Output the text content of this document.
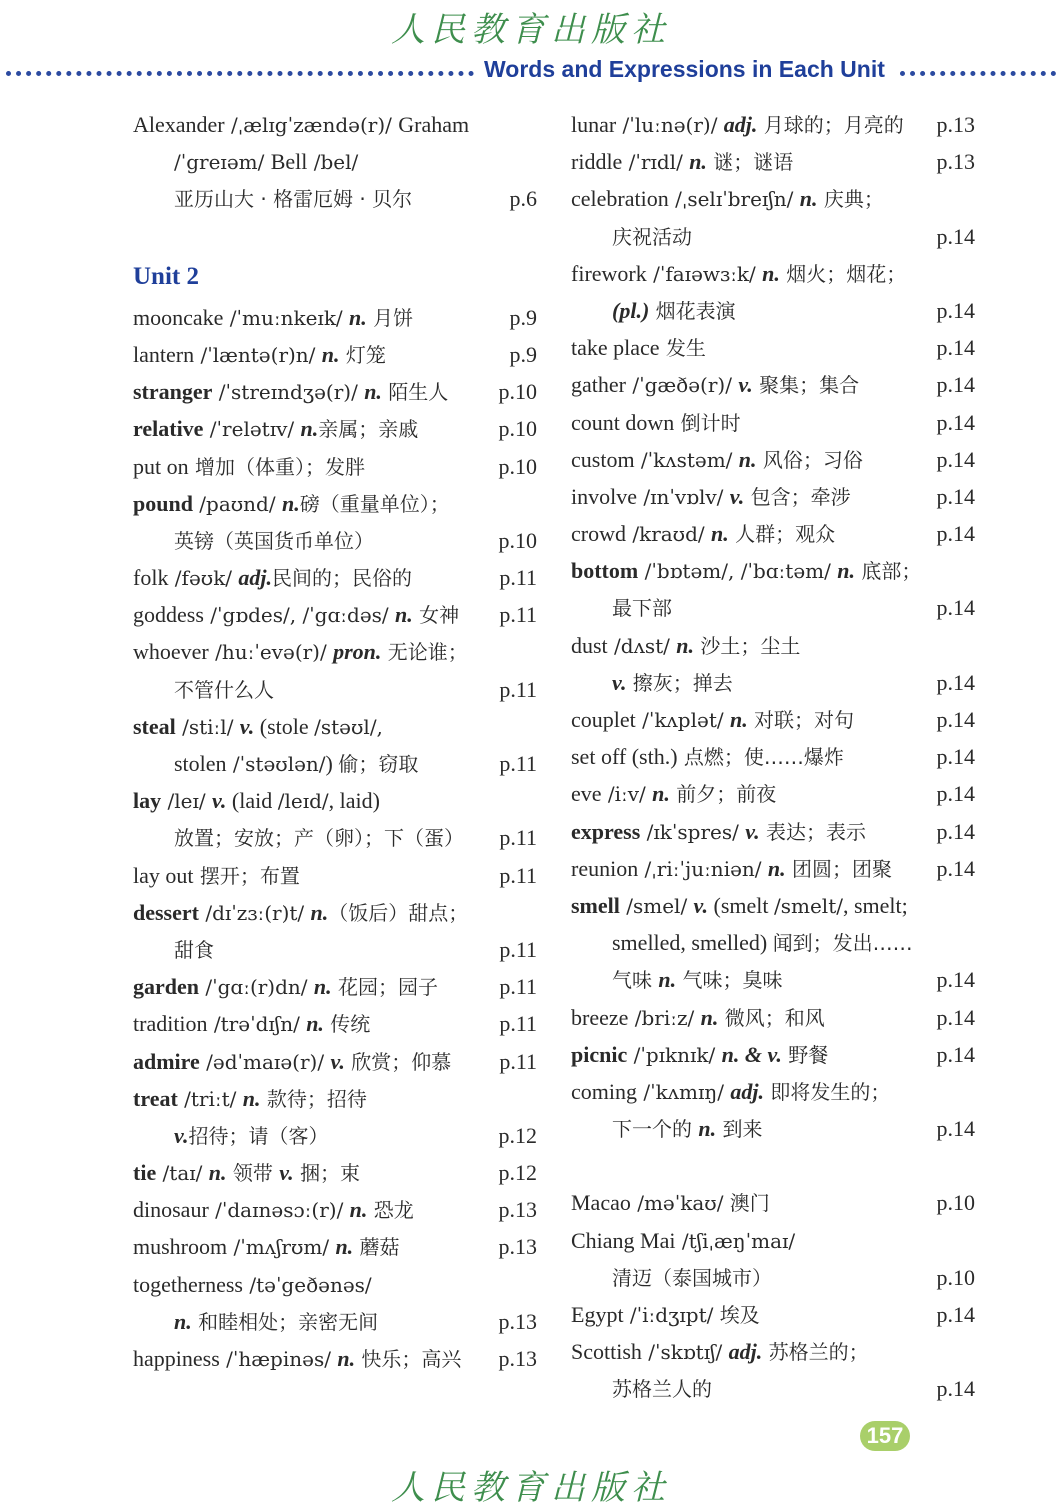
人民教育出版社
Words and Expressions in Each Unit
Alexander /ˌælɪgˈzændə(r)/ Graham
/ˈgreɪəm/ Bell /bel/
亚历山大 · 格雷厄姆 · 贝尔	p.6
Unit 2
mooncake /ˈmuːnkeɪk/ n. 月饼	p.9
lantern /ˈlæntə(r)n/ n. 灯笼	p.9
stranger /ˈstreɪndʒə(r)/ n. 陌生人 p.10
relative /ˈrelətɪv/ n.亲属；亲戚	p.10
put on 增加（体重）；发胖	p.10
pound /paʊnd/ n.磅（重量单位）；
英镑（英国货币单位）	p.10
folk /fəʊk/ adj.民间的；民俗的	p.11
goddess /ˈgɒdes/, /ˈgɑːdəs/ n. 女神 p.11
whoever /huːˈevə(r)/ pron. 无论谁；
不管什么人	p.11
steal /stiːl/ v. (stole /stəʊl/,
stolen /ˈstəʊlən/) 偷；窃取	p.11
lay /leɪ/ v. (laid /leɪd/, laid)
放置；安放；产（卵）；下（蛋） p.11
lay out 摆开；布置	p.11
dessert /dɪˈzɜː(r)t/ n.（饭后）甜点；
甜食	p.11
garden /ˈgɑː(r)dn/ n. 花园；园子	p.11
tradition /trəˈdɪʃn/ n. 传统	p.11
admire /ədˈmaɪə(r)/ v. 欣赏；仰慕 p.11
treat /triːt/ n. 款待；招待
v.招待；请（客）	p.12
tie /taɪ/ n. 领带 v. 捆；束	p.12
dinosaur /ˈdaɪnəsɔː(r)/ n. 恐龙	p.13
mushroom /ˈmʌʃrʊm/ n. 蘑菇	p.13
togetherness /təˈgeðənəs/
n. 和睦相处；亲密无间	p.13
happiness /ˈhæpinəs/ n. 快乐；高兴 p.13
lunar /ˈluːnə(r)/ adj. 月球的；月亮的 p.13
riddle /ˈrɪdl/ n. 谜；谜语	p.13
celebration /ˌselɪˈbreɪʃn/ n. 庆典；
庆祝活动	p.14
firework /ˈfaɪəwɜːk/ n. 烟火；烟花；
(pl.) 烟花表演	p.14
take place 发生	p.14
gather /ˈgæðə(r)/ v. 聚集；集合	p.14
count down 倒计时	p.14
custom /ˈkʌstəm/ n. 风俗；习俗	p.14
involve /ɪnˈvɒlv/ v. 包含；牵涉	p.14
crowd /kraʊd/ n. 人群；观众	p.14
bottom /ˈbɒtəm/, /ˈbɑːtəm/ n. 底部；
最下部	p.14
dust /dʌst/ n. 沙土；尘土
v. 擦灰；掸去	p.14
couplet /ˈkʌplət/ n. 对联；对句	p.14
set off (sth.) 点燃；使……爆炸	p.14
eve /iːv/ n. 前夕；前夜	p.14
express /ɪkˈspres/ v. 表达；表示	p.14
reunion /ˌriːˈjuːniən/ n. 团圆；团聚 p.14
smell /smel/ v. (smelt /smelt/, smelt;
smelled, smelled) 闻到；发出……
气味 n. 气味；臭味	p.14
breeze /briːz/ n. 微风；和风	p.14
picnic /ˈpɪknɪk/ n. & v. 野餐	p.14
coming /ˈkʌmɪŋ/ adj. 即将发生的；
下一个的 n. 到来	p.14
Macao /məˈkaʊ/ 澳门	p.10
Chiang Mai /tʃiˌæŋˈmaɪ/
清迈（泰国城市）	p.10
Egypt /ˈiːdʒɪpt/ 埃及	p.14
Scottish /ˈskɒtɪʃ/ adj. 苏格兰的；
苏格兰人的	p.14
157
人民教育出版社
